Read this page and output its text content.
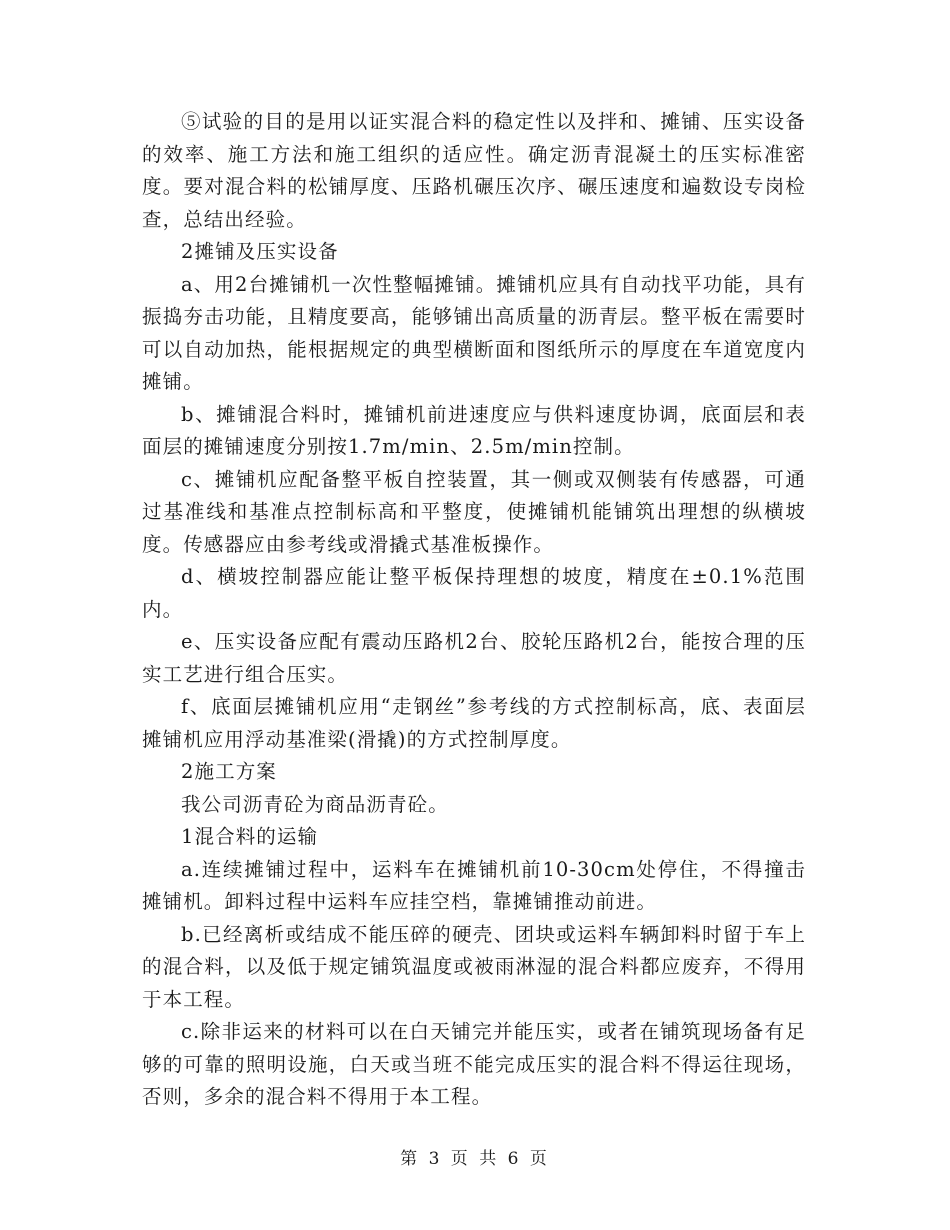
⑤试验的目的是用以证实混合料的稳定性以及拌和、摊铺、压实设备的效率、施工方法和施工组织的适应性。确定沥青混凝土的压实标准密度。要对混合料的松铺厚度、压路机碾压次序、碾压速度和遍数设专岗检查，总结出经验。

2摊铺及压实设备

a、用2台摊铺机一次性整幅摊铺。摊铺机应具有自动找平功能，具有振捣夯击功能，且精度要高，能够铺出高质量的沥青层。整平板在需要时可以自动加热，能根据规定的典型横断面和图纸所示的厚度在车道宽度内摊铺。

b、摊铺混合料时，摊铺机前进速度应与供料速度协调，底面层和表面层的摊铺速度分别按1.7m/min、2.5m/min控制。

c、摊铺机应配备整平板自控装置，其一侧或双侧装有传感器，可通过基准线和基准点控制标高和平整度，使摊铺机能铺筑出理想的纵横坡度。传感器应由参考线或滑撬式基准板操作。

d、横坡控制器应能让整平板保持理想的坡度，精度在±0.1%范围内。

e、压实设备应配有震动压路机2台、胶轮压路机2台，能按合理的压实工艺进行组合压实。

f、底面层摊铺机应用“走钢丝”参考线的方式控制标高，底、表面层摊铺机应用浮动基准梁(滑撬)的方式控制厚度。

2施工方案

我公司沥青砼为商品沥青砼。

1混合料的运输

a.连续摊铺过程中，运料车在摊铺机前10-30cm处停住，不得撞击摊铺机。卸料过程中运料车应挂空档，靠摊铺推动前进。

b.已经离析或结成不能压碎的硬壳、团块或运料车辆卸料时留于车上的混合料，以及低于规定铺筑温度或被雨淋湿的混合料都应废弃，不得用于本工程。

c.除非运来的材料可以在白天铺完并能压实，或者在铺筑现场备有足够的可靠的照明设施，白天或当班不能完成压实的混合料不得运往现场，否则，多余的混合料不得用于本工程。

第 3 页 共 6 页
